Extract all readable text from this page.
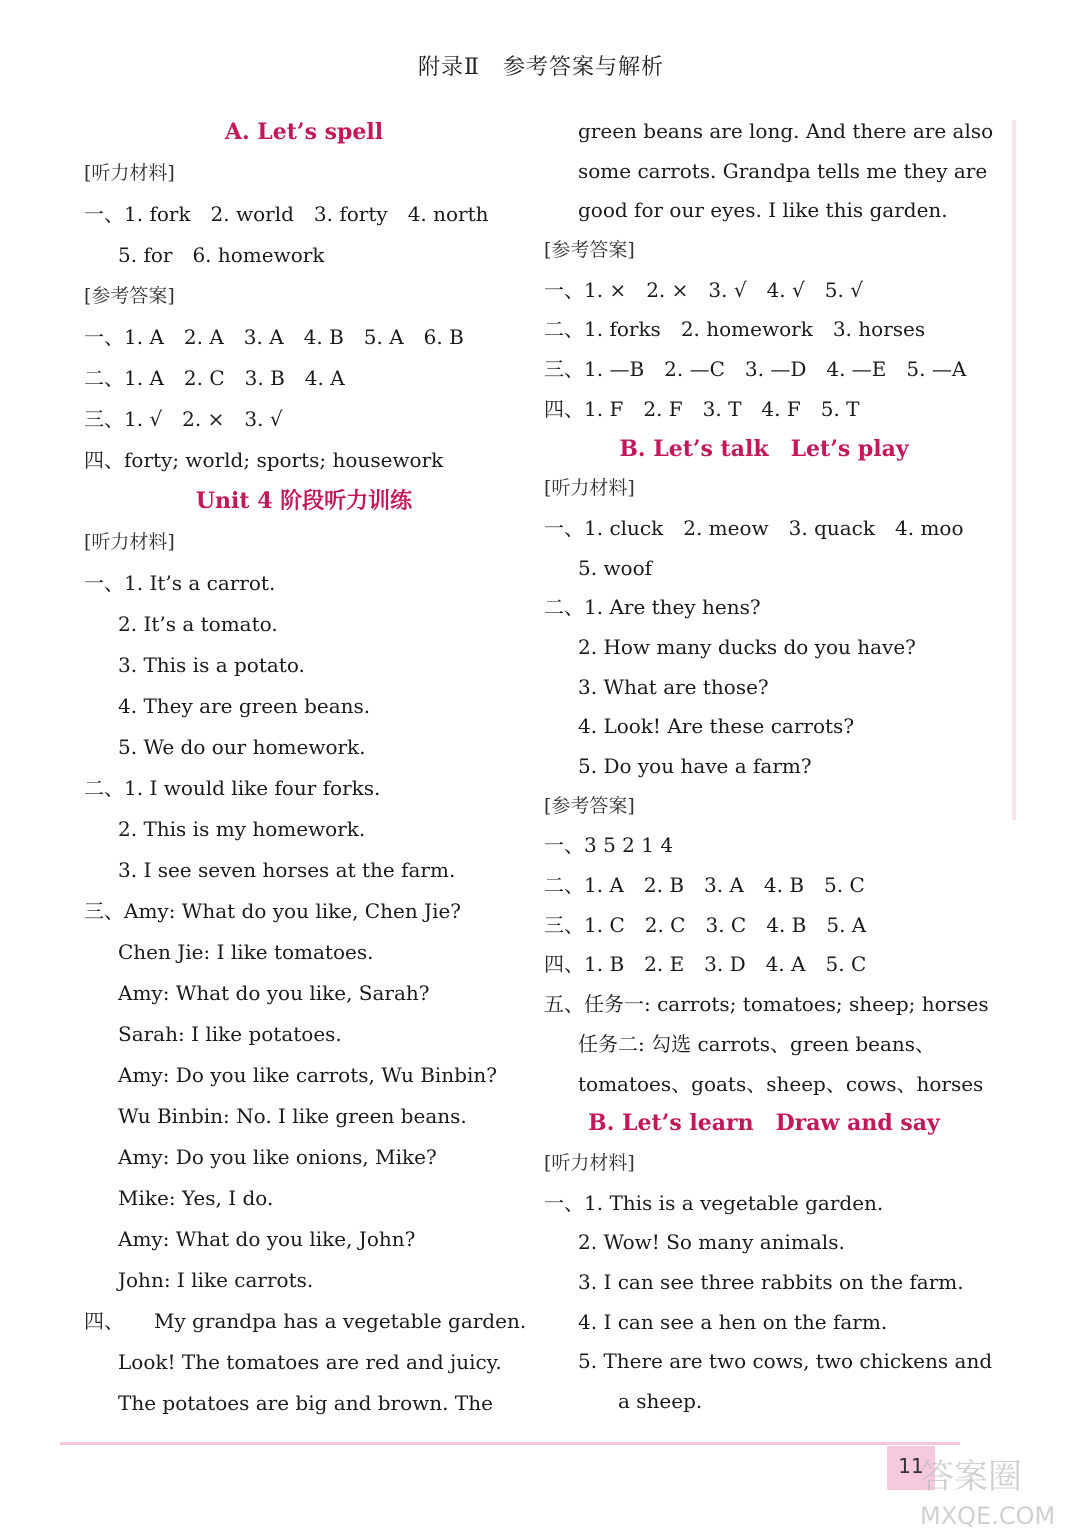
附录Ⅱ　参考答案与解析
A. Let’s spell
[听力材料]
一、1. fork　2. world　3. forty　4. north
5. for　6. homework
[参考答案]
一、1. A　2. A　3. A　4. B　5. A　6. B
二、1. A　2. C　3. B　4. A
三、1. √　2. ×　3. √
四、forty; world; sports; housework
Unit 4 阶段听力训练
[听力材料]
一、1. It’s a carrot.
2. It’s a tomato.
3. This is a potato.
4. They are green beans.
5. We do our homework.
二、1. I would like four forks.
2. This is my homework.
3. I see seven horses at the farm.
三、Amy: What do you like, Chen Jie?
Chen Jie: I like tomatoes.
Amy: What do you like, Sarah?
Sarah: I like potatoes.
Amy: Do you like carrots, Wu Binbin?
Wu Binbin: No. I like green beans.
Amy: Do you like onions, Mike?
Mike: Yes, I do.
Amy: What do you like, John?
John: I like carrots.
四、　　My grandpa has a vegetable garden.
Look! The tomatoes are red and juicy.
The potatoes are big and brown. The
green beans are long. And there are also
some carrots. Grandpa tells me they are
good for our eyes. I like this garden.
[参考答案]
一、1. ×　2. ×　3. √　4. √　5. √
二、1. forks　2. homework　3. horses
三、1. —B　2. —C　3. —D　4. —E　5. —A
四、1. F　2. F　3. T　4. F　5. T
B. Let’s talk　Let’s play
[听力材料]
一、1. cluck　2. meow　3. quack　4. moo
5. woof
二、1. Are they hens?
2. How many ducks do you have?
3. What are those?
4. Look! Are these carrots?
5. Do you have a farm?
[参考答案]
一、3 5 2 1 4
二、1. A　2. B　3. A　4. B　5. C
三、1. C　2. C　3. C　4. B　5. A
四、1. B　2. E　3. D　4. A　5. C
五、任务一: carrots; tomatoes; sheep; horses
任务二: 勾选 carrots、green beans、
tomatoes、goats、sheep、cows、horses
B. Let’s learn　Draw and say
[听力材料]
一、1. This is a vegetable garden.
2. Wow! So many animals.
3. I can see three rabbits on the farm.
4. I can see a hen on the farm.
5. There are two cows, two chickens and
a sheep.
11
答案圈
MXQE.COM
